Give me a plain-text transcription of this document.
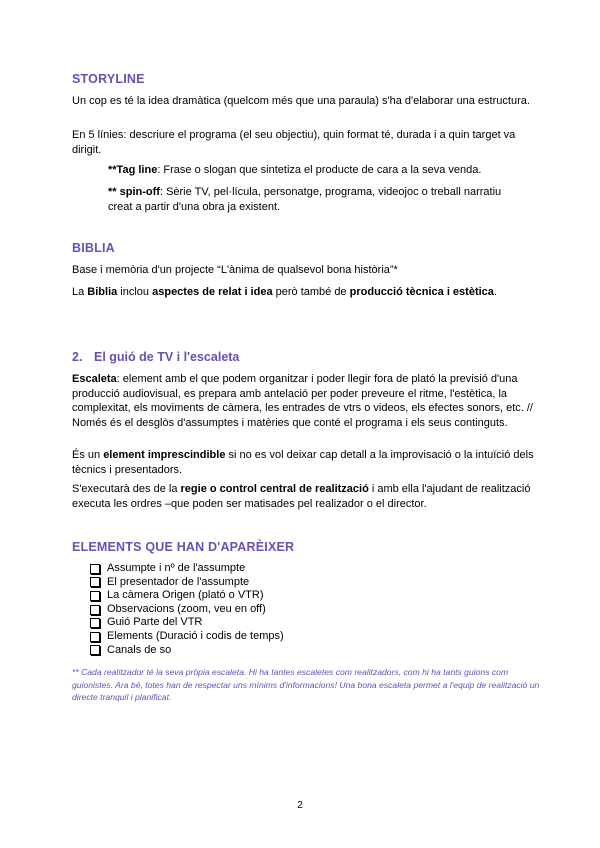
STORYLINE
Un cop es té la idea dramàtica (quelcom més que una paraula) s'ha d'elaborar una estructura.
En 5 línies: descriure el programa (el seu objectiu), quin format té, durada i a quin target va dirigit.
**Tag line: Frase o slogan que sintetiza el producte de cara a la seva venda.
** spin-off: Sèrie TV, pel·lícula, personatge, programa, videojoc o treball narratiu creat a partir d'una obra ja existent.
BIBLIA
Base i memòria d'un projecte “L'ànima de qualsevol bona història”*
La Biblia inclou aspectes de relat i idea però també de producció tècnica i estètica.
2. El guió de TV i l'escaleta
Escaleta: element amb el que podem organitzar i poder llegir fora de plató la previsió d'una producció audiovisual, es prepara amb antelació per poder preveure el ritme, l'estètica, la complexitat, els moviments de càmera, les entrades de vtrs o videos, els efectes sonors, etc. // Només és el desglòs d'assumptes i matèries que conté el programa i els seus continguts.
És un element imprescindible si no es vol deixar cap detall a la improvisació o la intuïció dels tècnics i presentadors.
S'executarà des de la regie o control central de realització i amb ella l'ajudant de realització executa les ordres –que poden ser matisades pel realizador o el director.
ELEMENTS QUE HAN D'APARÈIXER
Assumpte i nº de l'assumpte
El presentador de l'assumpte
La càmera Origen (plató o VTR)
Observacions (zoom, veu en off)
Guió Parte del VTR
Elements (Duració i codis de temps)
Canals de so
** Cada realitzador té la seva pròpia escaleta. Hi ha tantes escaletes com realitzadors, com hi ha tants guions com guionistes. Ara bé, totes han de respectar uns mínims d'informacions! Una bona escaleta permet a l'equip de realització un directe tranquil i planificat.
2
